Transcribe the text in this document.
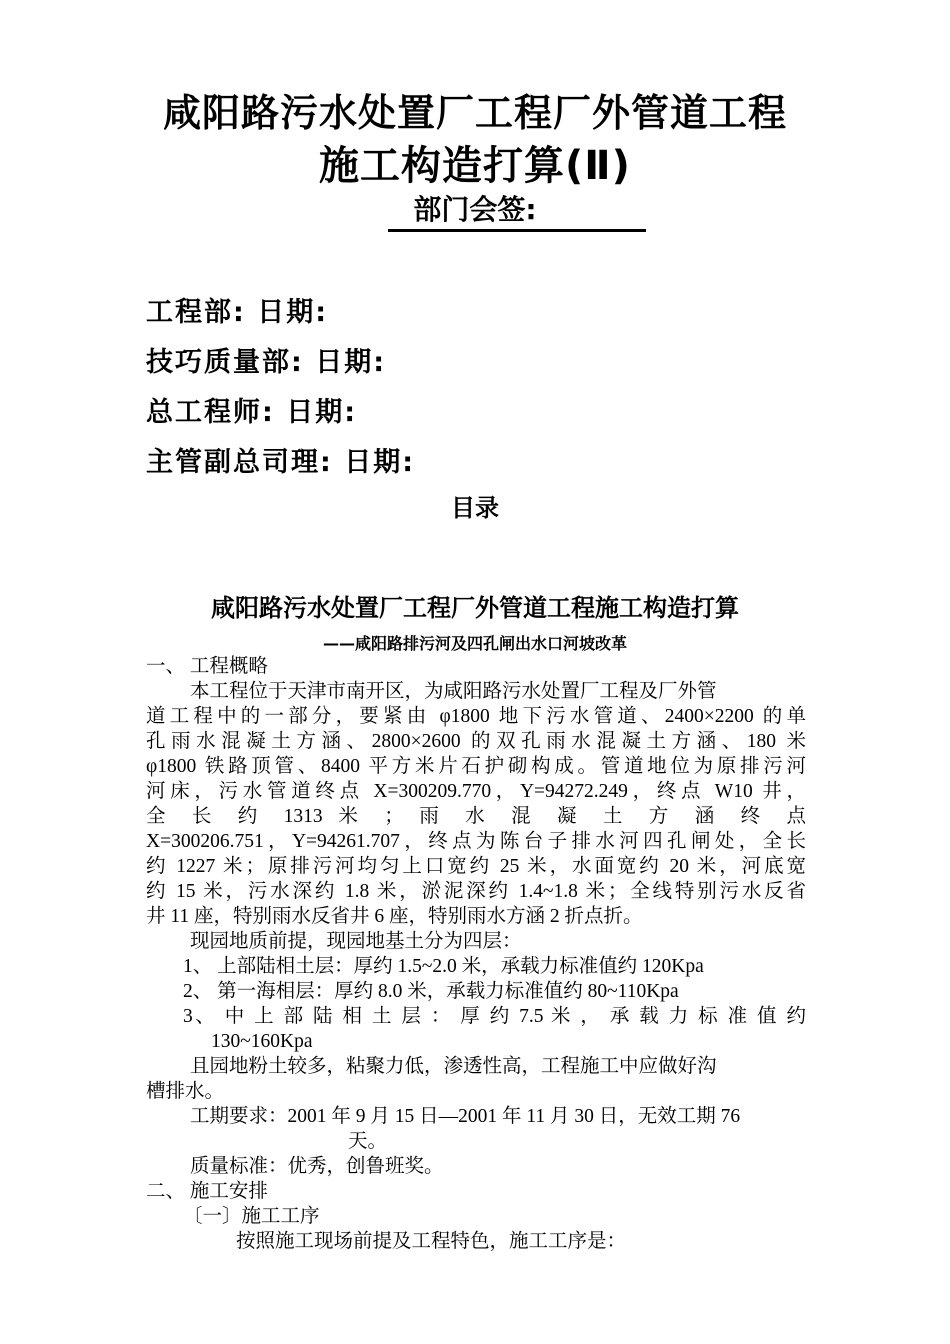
咸阳路污水处置厂工程厂外管道工程
施工构造打算(Ⅱ)
部门会签:
工程部: 日期:
技巧质量部: 日期:
总工程师: 日期:
主管副总司理: 日期:
目录
咸阳路污水处置厂工程厂外管道工程施工构造打算
——咸阳路排污河及四孔闸出水口河坡改革
一、 工程概略
本工程位于天津市南开区，为咸阳路污水处置厂工程及厂外管
道工程中的一部分，要紧由 φ1800 地下污水管道、2400×2200 的单
孔雨水混凝土方涵、2800×2600 的双孔雨水混凝土方涵、180 米
φ1800 铁路顶管、8400 平方米片石护砌构成。管道地位为原排污河
河床，污水管道终点 X=300209.770，Y=94272.249，终点 W10 井，
全 长 约 1313 米 ； 雨 水 混 凝 土 方 涵 终 点
X=300206.751，Y=94261.707，终点为陈台子排水河四孔闸处，全长
约 1227 米；原排污河均匀上口宽约 25 米，水面宽约 20 米，河底宽
约 15 米，污水深约 1.8 米，淤泥深约 1.4~1.8 米；全线特别污水反省
井 11 座，特别雨水反省井 6 座，特别雨水方涵 2 折点折。
现园地质前提，现园地基土分为四层：
1、 上部陆相土层：厚约 1.5~2.0 米，承载力标准值约 120Kpa
2、 第一海相层：厚约 8.0 米，承载力标准值约 80~110Kpa
3、 中 上 部 陆 相 土 层 ： 厚 约 7.5 米 ， 承 载 力 标 准 值 约
130~160Kpa
且园地粉土较多，粘聚力低，渗透性高，工程施工中应做好沟
槽排水。
工期要求：2001 年 9 月 15 日—2001 年 11 月 30 日，无效工期 76
天。
质量标准：优秀，创鲁班奖。
二、 施工安排
〔一〕施工工序
按照施工现场前提及工程特色，施工工序是：
